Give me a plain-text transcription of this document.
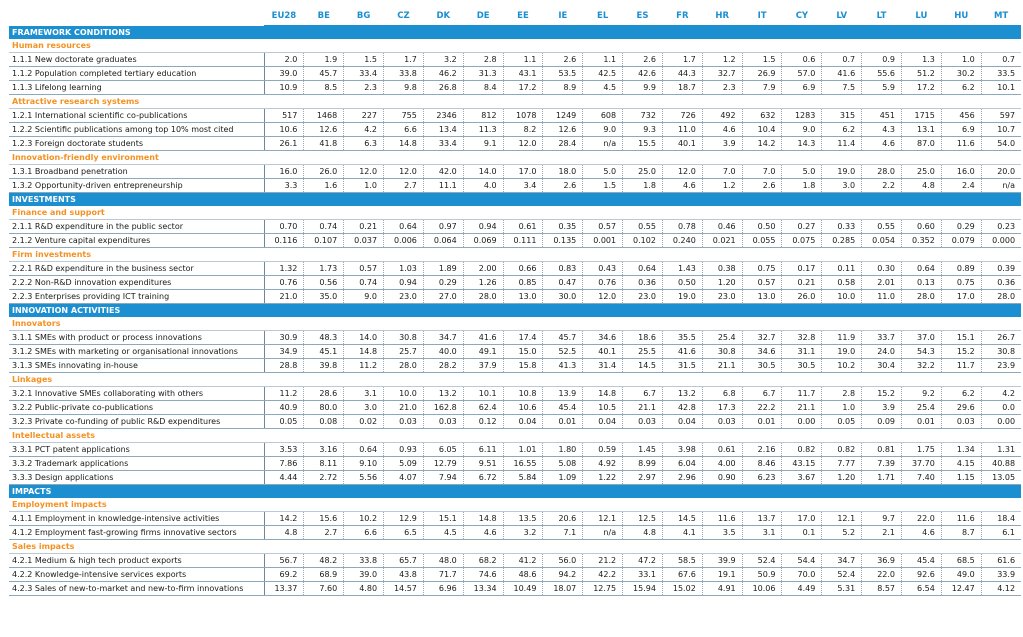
	EU28	BE	BG	CZ	DK	DE	EE	IE	EL	ES	FR	HR	IT	CY	LV	LT	LU	HU	MT
FRAMEWORK CONDITIONS																			
Human resources																			
1.1.1 New doctorate graduates	2.0	1.9	1.5	1.7	3.2	2.8	1.1	2.6	1.1	2.6	1.7	1.2	1.5	0.6	0.7	0.9	1.3	1.0	0.7
1.1.2 Population completed tertiary education	39.0	45.7	33.4	33.8	46.2	31.3	43.1	53.5	42.5	42.6	44.3	32.7	26.9	57.0	41.6	55.6	51.2	30.2	33.5
1.1.3 Lifelong learning	10.9	8.5	2.3	9.8	26.8	8.4	17.2	8.9	4.5	9.9	18.7	2.3	7.9	6.9	7.5	5.9	17.2	6.2	10.1
Attractive research systems																			
1.2.1 International scientific co-publications	517	1468	227	755	2346	812	1078	1249	608	732	726	492	632	1283	315	451	1715	456	597
1.2.2 Scientific publications among top 10% most cited	10.6	12.6	4.2	6.6	13.4	11.3	8.2	12.6	9.0	9.3	11.0	4.6	10.4	9.0	6.2	4.3	13.1	6.9	10.7
1.2.3 Foreign doctorate students	26.1	41.8	6.3	14.8	33.4	9.1	12.0	28.4	n/a	15.5	40.1	3.9	14.2	14.3	11.4	4.6	87.0	11.6	54.0
Innovation-friendly environment																			
1.3.1 Broadband penetration	16.0	26.0	12.0	12.0	42.0	14.0	17.0	18.0	5.0	25.0	12.0	7.0	7.0	5.0	19.0	28.0	25.0	16.0	20.0
1.3.2 Opportunity-driven entrepreneurship	3.3	1.6	1.0	2.7	11.1	4.0	3.4	2.6	1.5	1.8	4.6	1.2	2.6	1.8	3.0	2.2	4.8	2.4	n/a
INVESTMENTS																			
Finance and support																			
2.1.1 R&D expenditure in the public sector	0.70	0.74	0.21	0.64	0.97	0.94	0.61	0.35	0.57	0.55	0.78	0.46	0.50	0.27	0.33	0.55	0.60	0.29	0.23
2.1.2 Venture capital expenditures	0.116	0.107	0.037	0.006	0.064	0.069	0.111	0.135	0.001	0.102	0.240	0.021	0.055	0.075	0.285	0.054	0.352	0.079	0.000
Firm investments																			
2.2.1 R&D expenditure in the business sector	1.32	1.73	0.57	1.03	1.89	2.00	0.66	0.83	0.43	0.64	1.43	0.38	0.75	0.17	0.11	0.30	0.64	0.89	0.39
2.2.2 Non-R&D innovation expenditures	0.76	0.56	0.74	0.94	0.29	1.26	0.85	0.47	0.76	0.36	0.50	1.20	0.57	0.21	0.58	2.01	0.13	0.75	0.36
2.2.3 Enterprises providing ICT training	21.0	35.0	9.0	23.0	27.0	28.0	13.0	30.0	12.0	23.0	19.0	23.0	13.0	26.0	10.0	11.0	28.0	17.0	28.0
INNOVATION ACTIVITIES																			
Innovators																			
3.1.1 SMEs with product or process innovations	30.9	48.3	14.0	30.8	34.7	41.6	17.4	45.7	34.6	18.6	35.5	25.4	32.7	32.8	11.9	33.7	37.0	15.1	26.7
3.1.2 SMEs with marketing or organisational innovations	34.9	45.1	14.8	25.7	40.0	49.1	15.0	52.5	40.1	25.5	41.6	30.8	34.6	31.1	19.0	24.0	54.3	15.2	30.8
3.1.3 SMEs innovating in-house	28.8	39.8	11.2	28.0	28.2	37.9	15.8	41.3	31.4	14.5	31.5	21.1	30.5	30.5	10.2	30.4	32.2	11.7	23.9
Linkages																			
3.2.1 Innovative SMEs collaborating with others	11.2	28.6	3.1	10.0	13.2	10.1	10.8	13.9	14.8	6.7	13.2	6.8	6.7	11.7	2.8	15.2	9.2	6.2	4.2
3.2.2 Public-private co-publications	40.9	80.0	3.0	21.0	162.8	62.4	10.6	45.4	10.5	21.1	42.8	17.3	22.2	21.1	1.0	3.9	25.4	29.6	0.0
3.2.3 Private co-funding of public R&D expenditures	0.05	0.08	0.02	0.03	0.03	0.12	0.04	0.01	0.04	0.03	0.04	0.03	0.01	0.00	0.05	0.09	0.01	0.03	0.00
Intellectual assets																			
3.3.1 PCT patent applications	3.53	3.16	0.64	0.93	6.05	6.11	1.01	1.80	0.59	1.45	3.98	0.61	2.16	0.82	0.82	0.81	1.75	1.34	1.31
3.3.2 Trademark applications	7.86	8.11	9.10	5.09	12.79	9.51	16.55	5.08	4.92	8.99	6.04	4.00	8.46	43.15	7.77	7.39	37.70	4.15	40.88
3.3.3 Design applications	4.44	2.72	5.56	4.07	7.94	6.72	5.84	1.09	1.22	2.97	2.96	0.90	6.23	3.67	1.20	1.71	7.40	1.15	13.05
IMPACTS																			
Employment impacts																			
4.1.1 Employment in knowledge-intensive activities	14.2	15.6	10.2	12.9	15.1	14.8	13.5	20.6	12.1	12.5	14.5	11.6	13.7	17.0	12.1	9.7	22.0	11.6	18.4
4.1.2 Employment fast-growing firms innovative sectors	4.8	2.7	6.6	6.5	4.5	4.6	3.2	7.1	n/a	4.8	4.1	3.5	3.1	0.1	5.2	2.1	4.6	8.7	6.1
Sales impacts																			
4.2.1 Medium & high tech product exports	56.7	48.2	33.8	65.7	48.0	68.2	41.2	56.0	21.2	47.2	58.5	39.9	52.4	54.4	34.7	36.9	45.4	68.5	61.6
4.2.2 Knowledge-intensive services exports	69.2	68.9	39.0	43.8	71.7	74.6	48.6	94.2	42.2	33.1	67.6	19.1	50.9	70.0	52.4	22.0	92.6	49.0	33.9
4.2.3 Sales of new-to-market and new-to-firm innovations	13.37	7.60	4.80	14.57	6.96	13.34	10.49	18.07	12.75	15.94	15.02	4.91	10.06	4.49	5.31	8.57	6.54	12.47	4.12
